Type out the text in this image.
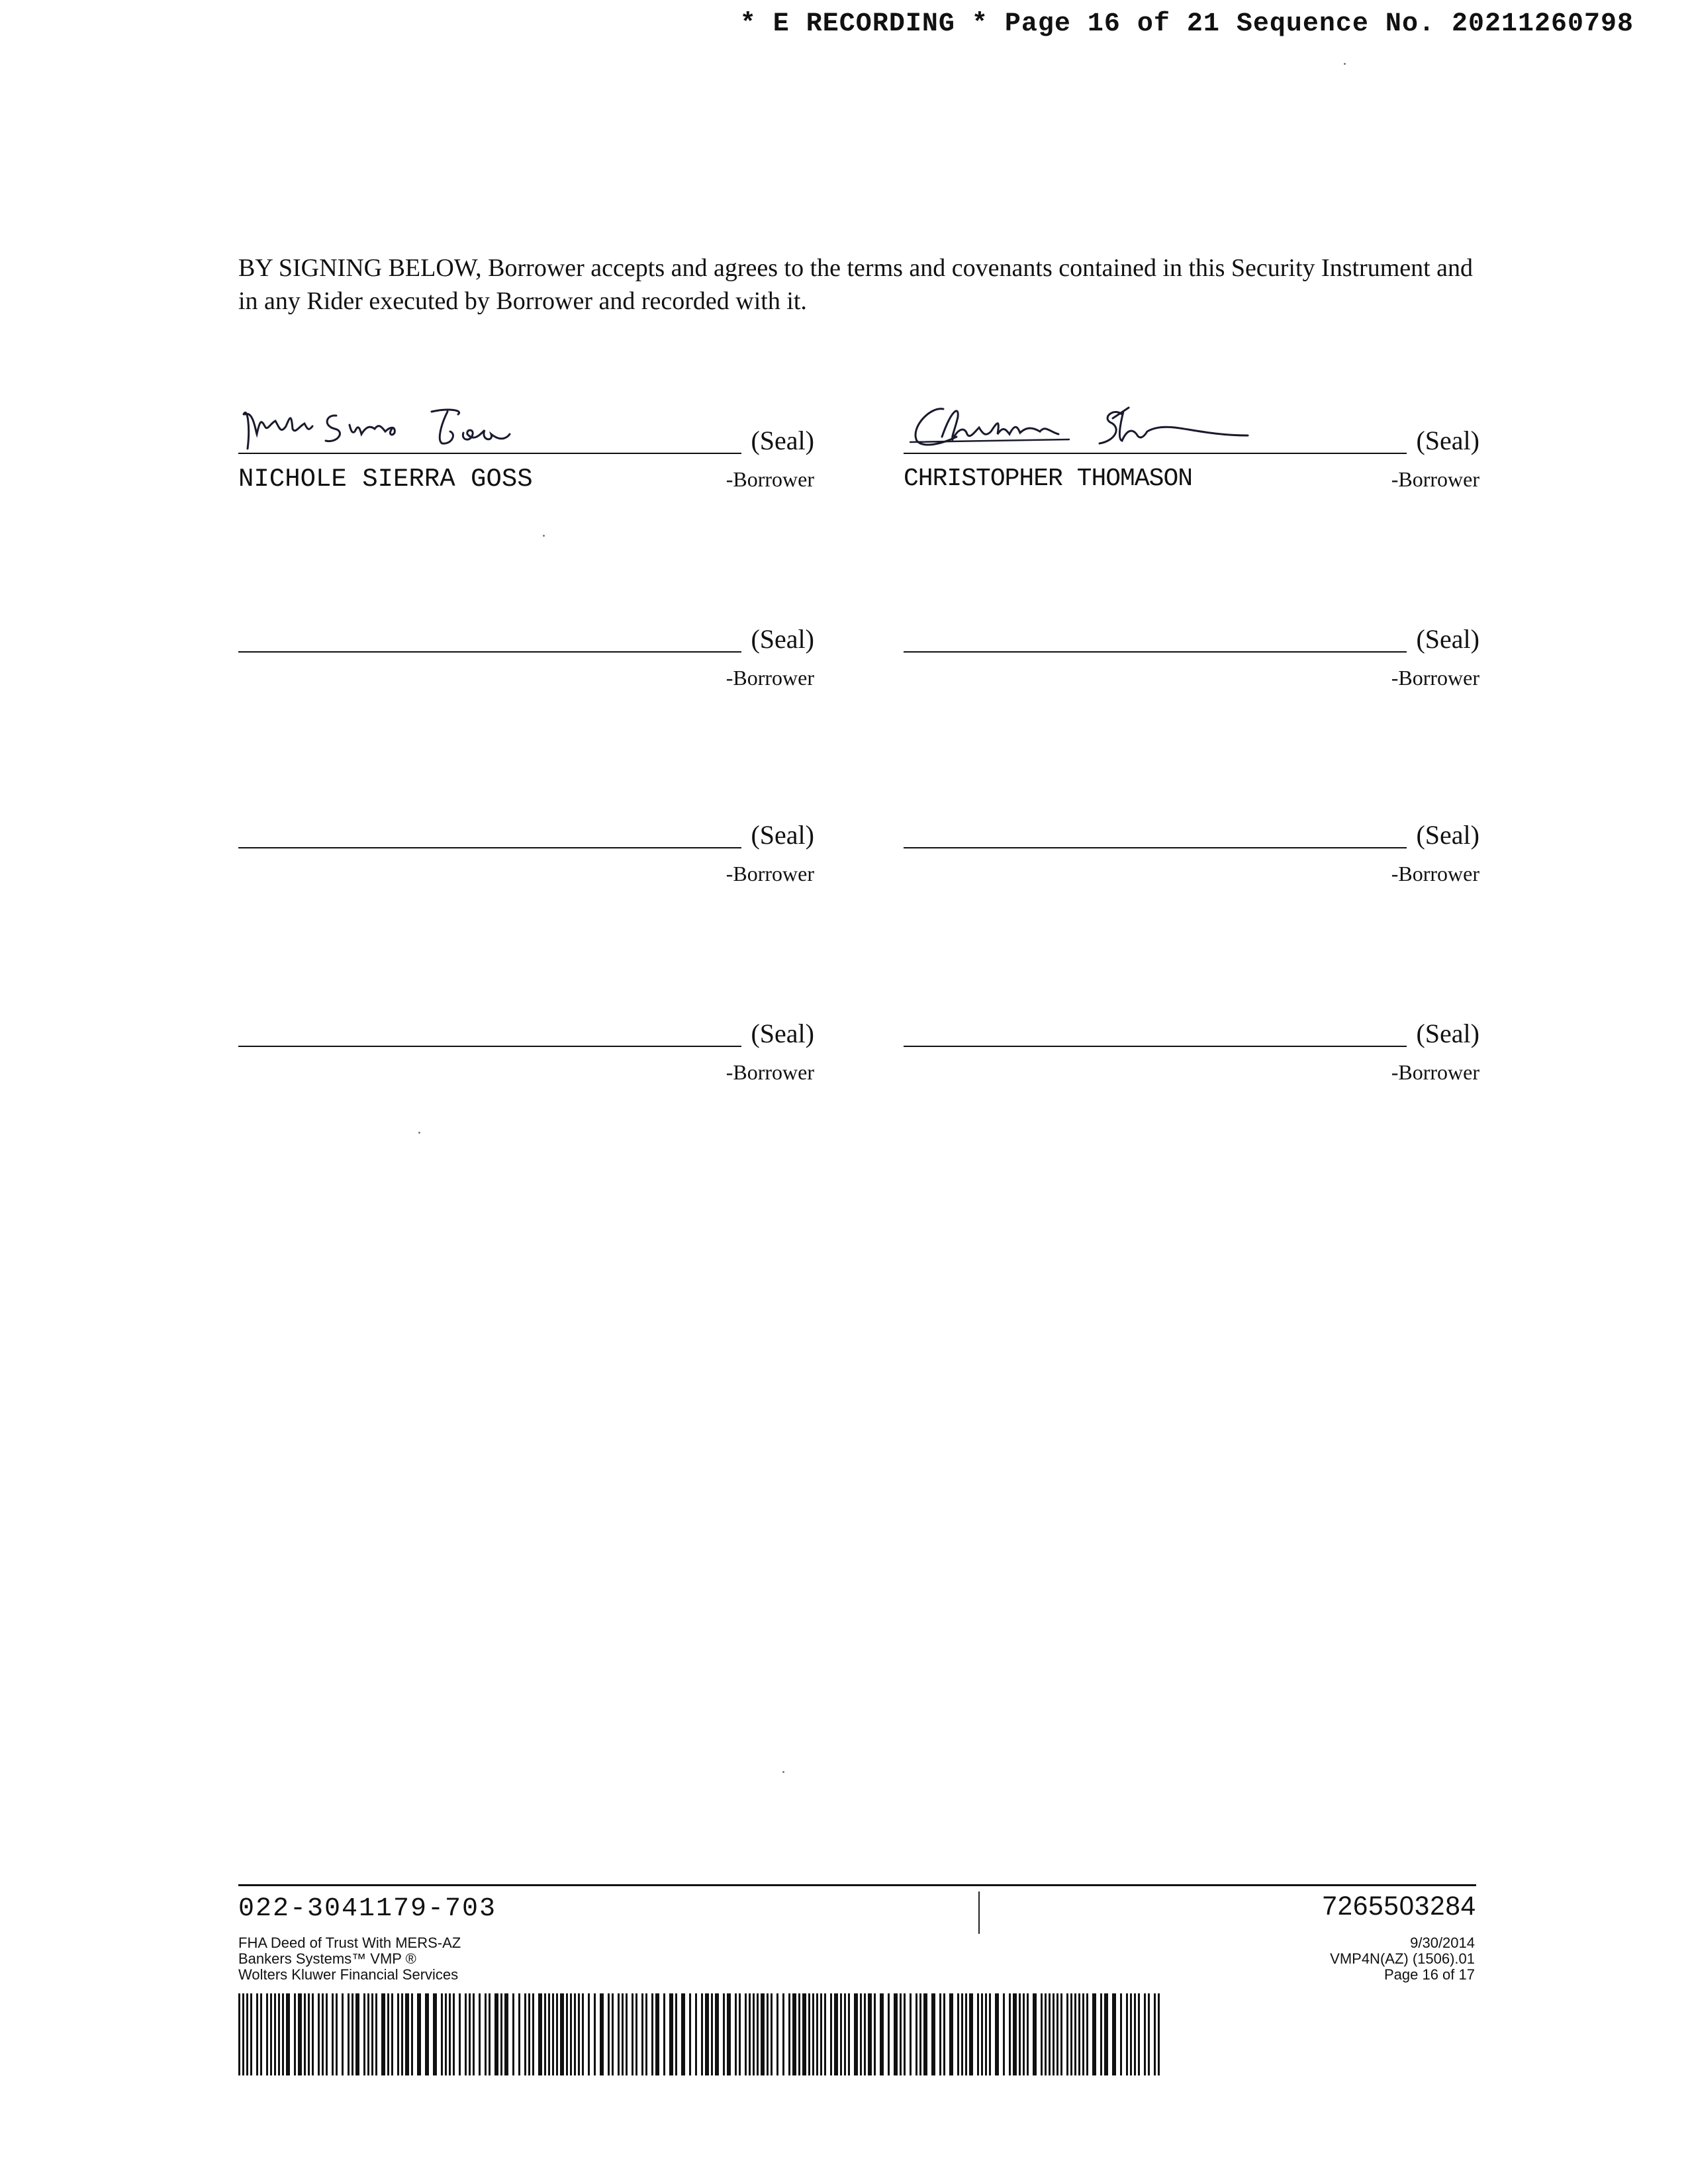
* E RECORDING * Page 16 of 21 Sequence No. 20211260798
BY SIGNING BELOW, Borrower accepts and agrees to the terms and covenants contained in this Security Instrument and in any Rider executed by Borrower and recorded with it.
(Seal)
NICHOLE SIERRA GOSS	-Borrower
(Seal)
CHRISTOPHER THOMASON	-Borrower
(Seal)
-Borrower
(Seal)
-Borrower
(Seal)
-Borrower
(Seal)
-Borrower
(Seal)
-Borrower
(Seal)
-Borrower
022-3041179-703	7265503284
FHA Deed of Trust With MERS-AZ
Bankers Systems™ VMP ®
Wolters Kluwer Financial Services
9/30/2014
VMP4N(AZ) (1506).01
Page 16 of 17
